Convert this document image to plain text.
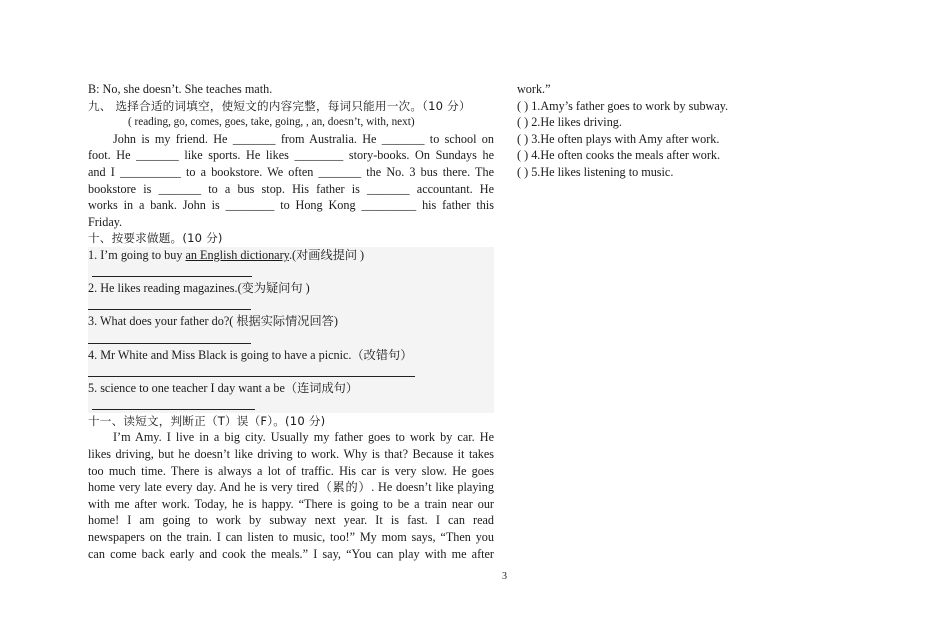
B: No, she doesn’t. She teaches math.
九、 选择合适的词填空，使短文的内容完整，每词只能用一次。（10 分）
( reading, go, comes, goes, take, going, , an, doesn’t, with, next)
John is my friend. He _______ from Australia. He _______ to school on
foot. He _______ like sports. He likes ________ story-books. On Sundays he
and I __________ to a bookstore. We often _______ the No. 3 bus there. The
bookstore is _______ to a bus stop. His father is _______ accountant. He
works in a bank. John is ________ to Hong Kong _________ his father this
Friday.
十、按要求做题。(10 分)
1. I’m going to buy an English dictionary.(对画线提问 )
2. He likes reading magazines.(变为疑问句 )
3. What does your father do?( 根据实际情况回答)
4. Mr White and Miss Black is going to have a picnic.（改错句）
5. science to one teacher I day want a be（连词成句）
十一、读短文，判断正（T）误（F）。(10 分)
I’m Amy. I live in a big city. Usually my father goes to work by car. He
likes driving, but he doesn’t like driving to work. Why is that? Because it takes
too much time. There is always a lot of traffic. His car is very slow. He goes
home very late every day. And he is very tired（累的）. He doesn’t like playing
with me after work. Today, he is happy. “There is going to be a train near our
home! I am going to work by subway next year. It is fast. I can read
newspapers on the train. I can listen to music, too!” My mom says, “Then you
can come back early and cook the meals.” I say, “You can play with me after
work.”
( ) 1.Amy’s father goes to work by subway.
( ) 2.He likes driving.
( ) 3.He often plays with Amy after work.
( ) 4.He often cooks the meals after work.
( ) 5.He likes listening to music.
3
